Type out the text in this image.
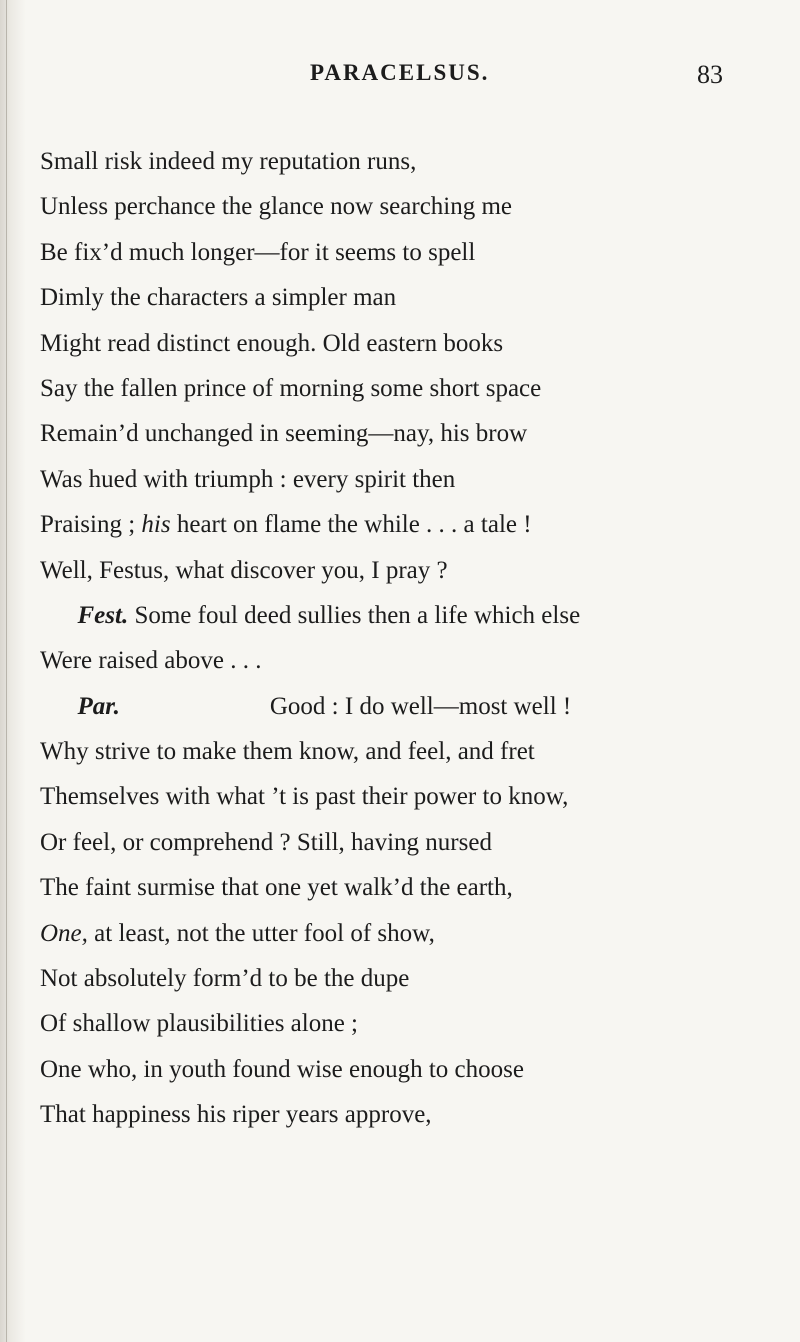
PARACELSUS.	83
Small risk indeed my reputation runs,
Unless perchance the glance now searching me
Be fix’d much longer—for it seems to spell
Dimly the characters a simpler man
Might read distinct enough. Old eastern books
Say the fallen prince of morning some short space
Remain’d unchanged in seeming—nay, his brow
Was hued with triumph : every spirit then
Praising ; his heart on flame the while . . . a tale !
Well, Festus, what discover you, I pray ?
Fest. Some foul deed sullies then a life which else
Were raised above . . .
Par.	Good : I do well—most well !
Why strive to make them know, and feel, and fret
Themselves with what ’t is past their power to know,
Or feel, or comprehend ? Still, having nursed
The faint surmise that one yet walk’d the earth,
One, at least, not the utter fool of show,
Not absolutely form’d to be the dupe
Of shallow plausibilities alone ;
One who, in youth found wise enough to choose
That happiness his riper years approve,
